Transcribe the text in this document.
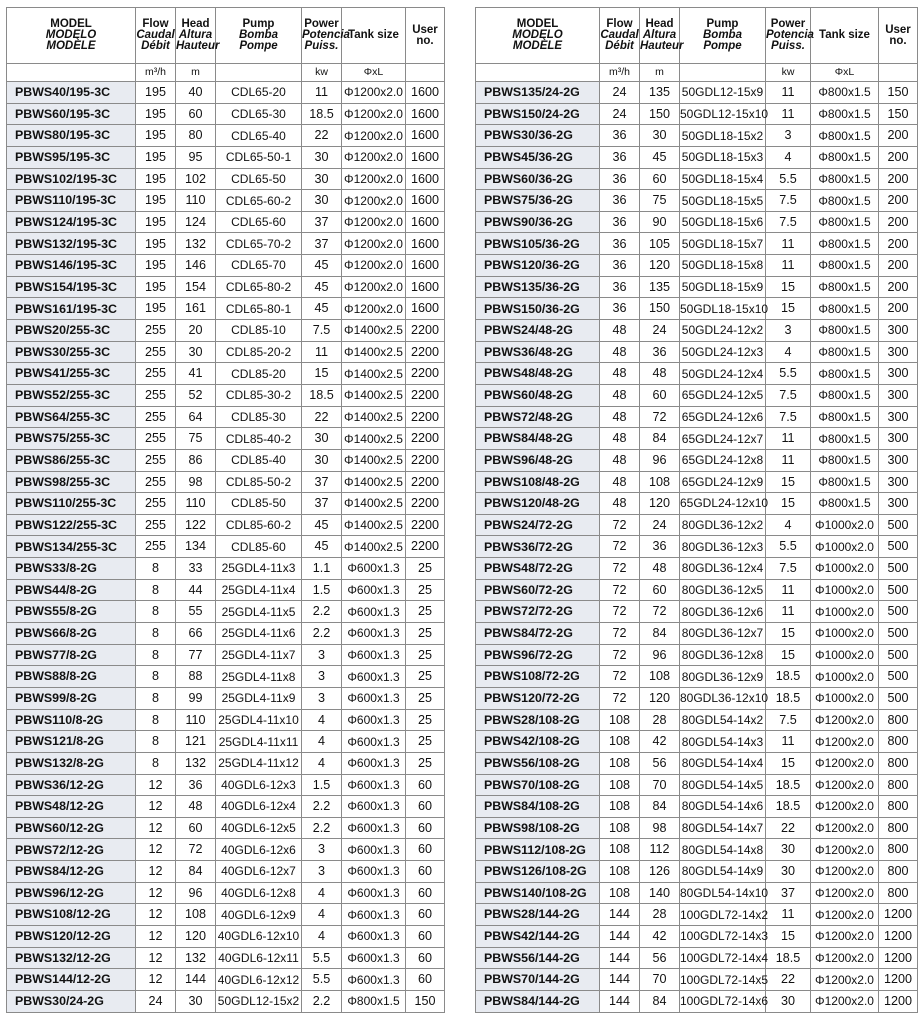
MODEL
MODELO
MODÈLE	Flow
Caudal
Débit	Head
Altura
Hauteur	Pump
Bomba
Pompe	Power
Potencia
Puiss.	Tank size	User
no.

	m³/h	m		kw	ΦxL	
PBWS40/195-3C	195	40	CDL65-20	11	Φ1200x2.0	1600
PBWS60/195-3C	195	60	CDL65-30	18.5	Φ1200x2.0	1600
PBWS80/195-3C	195	80	CDL65-40	22	Φ1200x2.0	1600
PBWS95/195-3C	195	95	CDL65-50-1	30	Φ1200x2.0	1600
PBWS102/195-3C	195	102	CDL65-50	30	Φ1200x2.0	1600
PBWS110/195-3C	195	110	CDL65-60-2	30	Φ1200x2.0	1600
PBWS124/195-3C	195	124	CDL65-60	37	Φ1200x2.0	1600
PBWS132/195-3C	195	132	CDL65-70-2	37	Φ1200x2.0	1600
PBWS146/195-3C	195	146	CDL65-70	45	Φ1200x2.0	1600
PBWS154/195-3C	195	154	CDL65-80-2	45	Φ1200x2.0	1600
PBWS161/195-3C	195	161	CDL65-80-1	45	Φ1200x2.0	1600
PBWS20/255-3C	255	20	CDL85-10	7.5	Φ1400x2.5	2200
PBWS30/255-3C	255	30	CDL85-20-2	11	Φ1400x2.5	2200
PBWS41/255-3C	255	41	CDL85-20	15	Φ1400x2.5	2200
PBWS52/255-3C	255	52	CDL85-30-2	18.5	Φ1400x2.5	2200
PBWS64/255-3C	255	64	CDL85-30	22	Φ1400x2.5	2200
PBWS75/255-3C	255	75	CDL85-40-2	30	Φ1400x2.5	2200
PBWS86/255-3C	255	86	CDL85-40	30	Φ1400x2.5	2200
PBWS98/255-3C	255	98	CDL85-50-2	37	Φ1400x2.5	2200
PBWS110/255-3C	255	110	CDL85-50	37	Φ1400x2.5	2200
PBWS122/255-3C	255	122	CDL85-60-2	45	Φ1400x2.5	2200
PBWS134/255-3C	255	134	CDL85-60	45	Φ1400x2.5	2200
PBWS33/8-2G	8	33	25GDL4-11x3	1.1	Φ600x1.3	25
PBWS44/8-2G	8	44	25GDL4-11x4	1.5	Φ600x1.3	25
PBWS55/8-2G	8	55	25GDL4-11x5	2.2	Φ600x1.3	25
PBWS66/8-2G	8	66	25GDL4-11x6	2.2	Φ600x1.3	25
PBWS77/8-2G	8	77	25GDL4-11x7	3	Φ600x1.3	25
PBWS88/8-2G	8	88	25GDL4-11x8	3	Φ600x1.3	25
PBWS99/8-2G	8	99	25GDL4-11x9	3	Φ600x1.3	25
PBWS110/8-2G	8	110	25GDL4-11x10	4	Φ600x1.3	25
PBWS121/8-2G	8	121	25GDL4-11x11	4	Φ600x1.3	25
PBWS132/8-2G	8	132	25GDL4-11x12	4	Φ600x1.3	25
PBWS36/12-2G	12	36	40GDL6-12x3	1.5	Φ600x1.3	60
PBWS48/12-2G	12	48	40GDL6-12x4	2.2	Φ600x1.3	60
PBWS60/12-2G	12	60	40GDL6-12x5	2.2	Φ600x1.3	60
PBWS72/12-2G	12	72	40GDL6-12x6	3	Φ600x1.3	60
PBWS84/12-2G	12	84	40GDL6-12x7	3	Φ600x1.3	60
PBWS96/12-2G	12	96	40GDL6-12x8	4	Φ600x1.3	60
PBWS108/12-2G	12	108	40GDL6-12x9	4	Φ600x1.3	60
PBWS120/12-2G	12	120	40GDL6-12x10	4	Φ600x1.3	60
PBWS132/12-2G	12	132	40GDL6-12x11	5.5	Φ600x1.3	60
PBWS144/12-2G	12	144	40GDL6-12x12	5.5	Φ600x1.3	60
PBWS30/24-2G	24	30	50GDL12-15x2	2.2	Φ800x1.5	150
MODEL
MODELO
MODÈLE	Flow
Caudal
Débit	Head
Altura
Hauteur	Pump
Bomba
Pompe	Power
Potencia
Puiss.	Tank size	User
no.

	m³/h	m		kw	ΦxL	
PBWS135/24-2G	24	135	50GDL12-15x9	11	Φ800x1.5	150
PBWS150/24-2G	24	150	50GDL12-15x10	11	Φ800x1.5	150
PBWS30/36-2G	36	30	50GDL18-15x2	3	Φ800x1.5	200
PBWS45/36-2G	36	45	50GDL18-15x3	4	Φ800x1.5	200
PBWS60/36-2G	36	60	50GDL18-15x4	5.5	Φ800x1.5	200
PBWS75/36-2G	36	75	50GDL18-15x5	7.5	Φ800x1.5	200
PBWS90/36-2G	36	90	50GDL18-15x6	7.5	Φ800x1.5	200
PBWS105/36-2G	36	105	50GDL18-15x7	11	Φ800x1.5	200
PBWS120/36-2G	36	120	50GDL18-15x8	11	Φ800x1.5	200
PBWS135/36-2G	36	135	50GDL18-15x9	15	Φ800x1.5	200
PBWS150/36-2G	36	150	50GDL18-15x10	15	Φ800x1.5	200
PBWS24/48-2G	48	24	50GDL24-12x2	3	Φ800x1.5	300
PBWS36/48-2G	48	36	50GDL24-12x3	4	Φ800x1.5	300
PBWS48/48-2G	48	48	50GDL24-12x4	5.5	Φ800x1.5	300
PBWS60/48-2G	48	60	65GDL24-12x5	7.5	Φ800x1.5	300
PBWS72/48-2G	48	72	65GDL24-12x6	7.5	Φ800x1.5	300
PBWS84/48-2G	48	84	65GDL24-12x7	11	Φ800x1.5	300
PBWS96/48-2G	48	96	65GDL24-12x8	11	Φ800x1.5	300
PBWS108/48-2G	48	108	65GDL24-12x9	15	Φ800x1.5	300
PBWS120/48-2G	48	120	65GDL24-12x10	15	Φ800x1.5	300
PBWS24/72-2G	72	24	80GDL36-12x2	4	Φ1000x2.0	500
PBWS36/72-2G	72	36	80GDL36-12x3	5.5	Φ1000x2.0	500
PBWS48/72-2G	72	48	80GDL36-12x4	7.5	Φ1000x2.0	500
PBWS60/72-2G	72	60	80GDL36-12x5	11	Φ1000x2.0	500
PBWS72/72-2G	72	72	80GDL36-12x6	11	Φ1000x2.0	500
PBWS84/72-2G	72	84	80GDL36-12x7	15	Φ1000x2.0	500
PBWS96/72-2G	72	96	80GDL36-12x8	15	Φ1000x2.0	500
PBWS108/72-2G	72	108	80GDL36-12x9	18.5	Φ1000x2.0	500
PBWS120/72-2G	72	120	80GDL36-12x10	18.5	Φ1000x2.0	500
PBWS28/108-2G	108	28	80GDL54-14x2	7.5	Φ1200x2.0	800
PBWS42/108-2G	108	42	80GDL54-14x3	11	Φ1200x2.0	800
PBWS56/108-2G	108	56	80GDL54-14x4	15	Φ1200x2.0	800
PBWS70/108-2G	108	70	80GDL54-14x5	18.5	Φ1200x2.0	800
PBWS84/108-2G	108	84	80GDL54-14x6	18.5	Φ1200x2.0	800
PBWS98/108-2G	108	98	80GDL54-14x7	22	Φ1200x2.0	800
PBWS112/108-2G	108	112	80GDL54-14x8	30	Φ1200x2.0	800
PBWS126/108-2G	108	126	80GDL54-14x9	30	Φ1200x2.0	800
PBWS140/108-2G	108	140	80GDL54-14x10	37	Φ1200x2.0	800
PBWS28/144-2G	144	28	100GDL72-14x2	11	Φ1200x2.0	1200
PBWS42/144-2G	144	42	100GDL72-14x3	15	Φ1200x2.0	1200
PBWS56/144-2G	144	56	100GDL72-14x4	18.5	Φ1200x2.0	1200
PBWS70/144-2G	144	70	100GDL72-14x5	22	Φ1200x2.0	1200
PBWS84/144-2G	144	84	100GDL72-14x6	30	Φ1200x2.0	1200
